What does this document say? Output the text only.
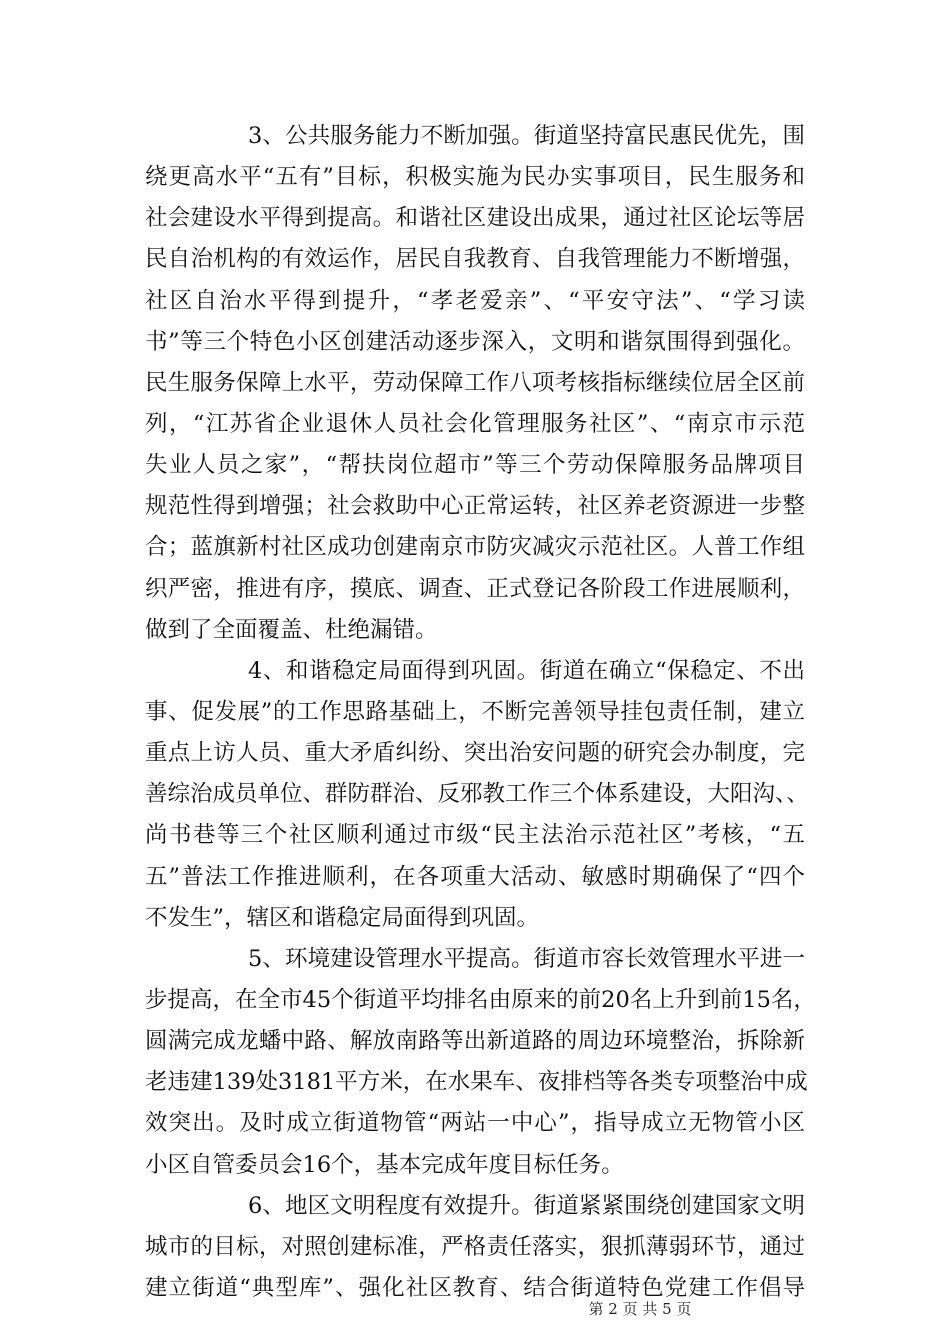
3、公共服务能力不断加强。街道坚持富民惠民优先，围
绕更高水平“五有”目标，积极实施为民办实事项目，民生服务和
社会建设水平得到提高。和谐社区建设出成果，通过社区论坛等居
民自治机构的有效运作，居民自我教育、自我管理能力不断增强，
社区自治水平得到提升，“孝老爱亲”、“平安守法”、“学习读
书”等三个特色小区创建活动逐步深入，文明和谐氛围得到强化。
民生服务保障上水平，劳动保障工作八项考核指标继续位居全区前
列，“江苏省企业退休人员社会化管理服务社区”、“南京市示范
失业人员之家”，“帮扶岗位超市”等三个劳动保障服务品牌项目
规范性得到增强；社会救助中心正常运转，社区养老资源进一步整
合；蓝旗新村社区成功创建南京市防灾减灾示范社区。人普工作组
织严密，推进有序，摸底、调查、正式登记各阶段工作进展顺利，
做到了全面覆盖、杜绝漏错。
4、和谐稳定局面得到巩固。街道在确立“保稳定、不出
事、促发展”的工作思路基础上，不断完善领导挂包责任制，建立
重点上访人员、重大矛盾纠纷、突出治安问题的研究会办制度，完
善综治成员单位、群防群治、反邪教工作三个体系建设，大阳沟、、
尚书巷等三个社区顺利通过市级“民主法治示范社区”考核，“五
五”普法工作推进顺利，在各项重大活动、敏感时期确保了“四个
不发生”，辖区和谐稳定局面得到巩固。
5、环境建设管理水平提高。街道市容长效管理水平进一
步提高，在全市45个街道平均排名由原来的前20名上升到前15名，
圆满完成龙蟠中路、解放南路等出新道路的周边环境整治，拆除新
老违建139处3181平方米，在水果车、夜排档等各类专项整治中成
效突出。及时成立街道物管“两站一中心”，指导成立无物管小区
小区自管委员会16个，基本完成年度目标任务。
6、地区文明程度有效提升。街道紧紧围绕创建国家文明
城市的目标，对照创建标准，严格责任落实，狠抓薄弱环节，通过
建立街道“典型库”、强化社区教育、结合街道特色党建工作倡导
第 2 页 共 5 页
